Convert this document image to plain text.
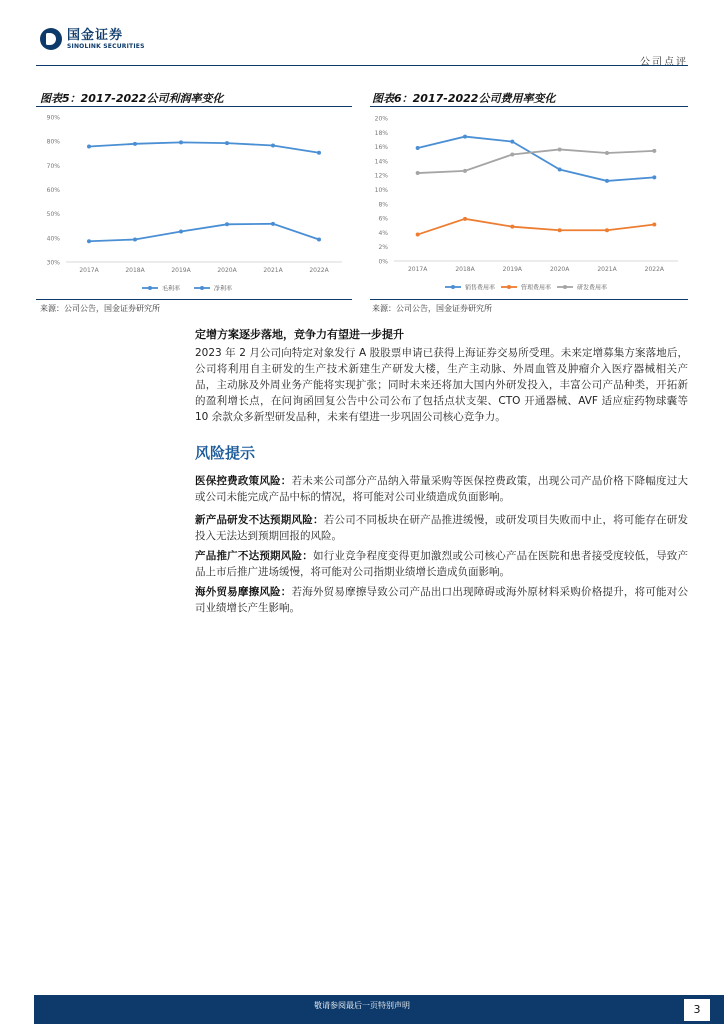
国金证券
SINOLINK SECURITIES
公司点评
图表5：2017-2022公司利润率变化	图表6：2017-2022公司费用率变化
30%
40%
50%
60%
70%
80%
90%
2017A	2018A	2019A	2020A	2021A	2022A
毛利率	净利率
0%
2%
4%
6%
8%
10%
12%
14%
16%
18%
20%
2017A	2018A	2019A	2020A	2021A	2022A
销售费用率	管理费用率	研发费用率
来源：公司公告，国金证券研究所	来源：公司公告，国金证券研究所
定增方案逐步落地，竞争力有望进一步提升

2023 年 2 月公司向特定对象发行 A 股股票申请已获得上海证券交易所受理。未来定增募集方案落地后，公司将利用自主研发的生产技术新建生产研发大楼，生产主动脉、外周血管及肿瘤介入医疗器械相关产品，主动脉及外周业务产能将实现扩张；同时未来还将加大国内外研发投入，丰富公司产品种类，开拓新的盈利增长点，在问询函回复公告中公司公布了包括点状支架、CTO 开通器械、AVF 适应症药物球囊等 10 余款众多新型研发品种，未来有望进一步巩固公司核心竞争力。

风险提示

医保控费政策风险：若未来公司部分产品纳入带量采购等医保控费政策，出现公司产品价格下降幅度过大或公司未能完成产品中标的情况，将可能对公司业绩造成负面影响。

新产品研发不达预期风险：若公司不同板块在研产品推进缓慢，或研发项目失败而中止，将可能存在研发投入无法达到预期回报的风险。

产品推广不达预期风险：如行业竞争程度变得更加激烈或公司核心产品在医院和患者接受度较低，导致产品上市后推广进场缓慢，将可能对公司指期业绩增长造成负面影响。

海外贸易摩擦风险：若海外贸易摩擦导致公司产品出口出现障碍或海外原材料采购价格提升，将可能对公司业绩增长产生影响。

敬请参阅最后一页特别声明	3
